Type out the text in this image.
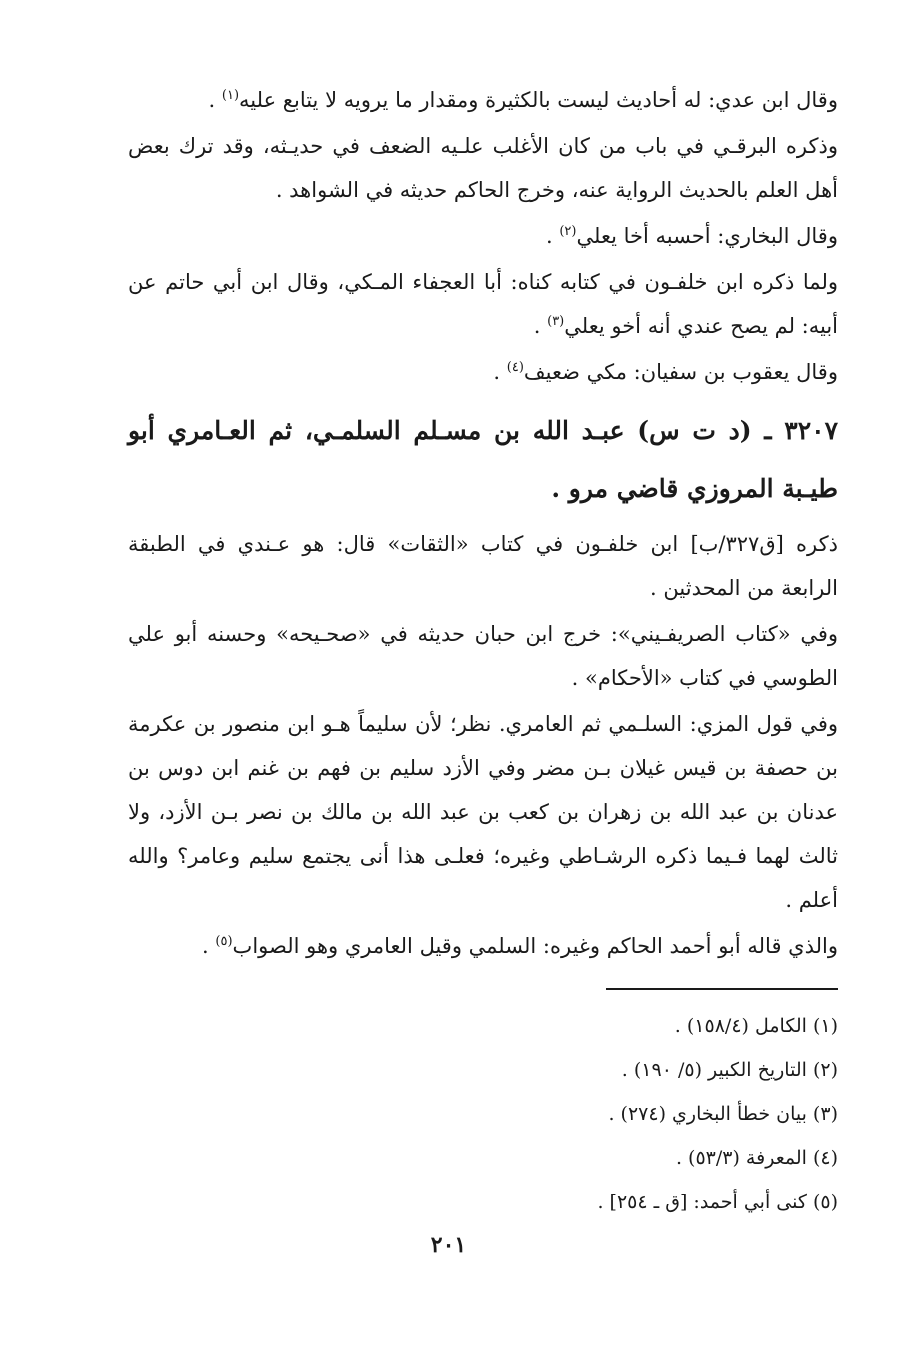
وقال ابن عدي: له أحاديث ليست بالكثيرة ومقدار ما يرويه لا يتابع عليه$^{(١)}$ .

وذكره البرقـي في باب من كان الأغلب علـيه الضعف في حديـثه، وقد ترك بعض أهل العلم بالحديث الرواية عنه، وخرج الحاكم حديثه في الشواهد .

وقال البخاري: أحسبه أخا يعلي$^{(٢)}$ .

ولما ذكره ابن خلفـون في كتابه كناه: أبا العجفاء المـكي، وقال ابن أبي حاتم عن أبيه: لم يصح عندي أنه أخو يعلي$^{(٣)}$ .

وقال يعقوب بن سفيان: مكي ضعيف$^{(٤)}$ .

٣٢٠٧ ـ (د ت س) عبـد الله بن مسـلم السلمـي، ثم العـامري أبو طيـبة المروزي قاضي مرو .

ذكره [ق٣٢٧/ب] ابن خلفـون في كتاب «الثقات» قال: هو عـندي في الطبقة الرابعة من المحدثين .

وفي «كتاب الصريفـيني»: خرج ابن حبان حديثه في «صحـيحه» وحسنه أبو علي الطوسي في كتاب «الأحكام» .

وفي قول المزي: السلـمي ثم العامري. نظر؛ لأن سليماً هـو ابن منصور بن عكرمة بن حصفة بن قيس غيلان بـن مضر وفي الأزد سليم بن فهم بن غنم ابن دوس بن عدنان بن عبد الله بن زهران بن كعب بن عبد الله بن مالك بن نصر بـن الأزد، ولا ثالث لهما فـيما ذكره الرشـاطي وغيره؛ فعلـى هذا أنى يجتمع سليم وعامر؟ والله أعلم .

والذي قاله أبو أحمد الحاكم وغيره: السلمي وقيل العامري وهو الصواب$^{(٥)}$ .

(١) الكامل (١٥٨/٤) .

(٢) التاريخ الكبير (٥/ ١٩٠) .

(٣) بيان خطأ البخاري (٢٧٤) .

(٤) المعرفة (٥٣/٣) .

(٥) كنى أبي أحمد: [ق ـ ٢٥٤] .

٢٠١
